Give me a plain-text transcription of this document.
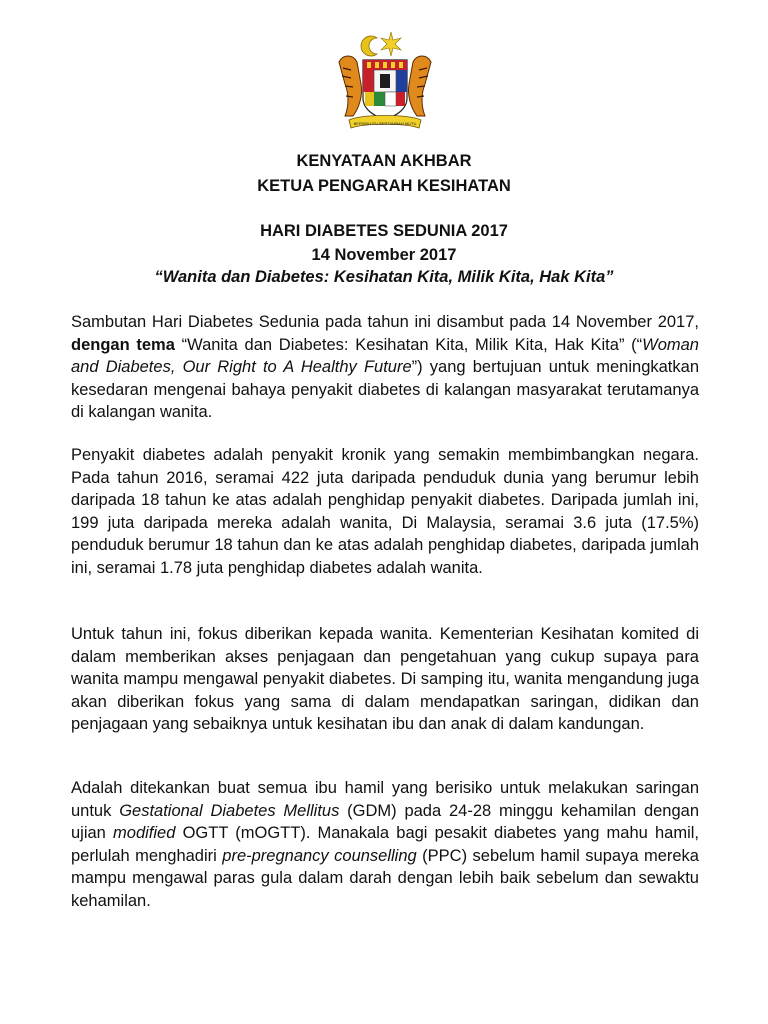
BERSEKUTU BERTAMBAH MUTU
KENYATAAN AKHBAR
KETUA PENGARAH KESIHATAN
HARI DIABETES SEDUNIA 2017
14 November 2017
“Wanita dan Diabetes: Kesihatan Kita, Milik Kita, Hak Kita”
Sambutan Hari Diabetes Sedunia pada tahun ini disambut pada 14 November 2017, dengan tema “Wanita dan Diabetes: Kesihatan Kita, Milik Kita, Hak Kita” (“Woman and Diabetes, Our Right to A Healthy Future”) yang bertujuan untuk meningkatkan kesedaran mengenai bahaya penyakit diabetes di kalangan masyarakat terutamanya di kalangan wanita.
Penyakit diabetes adalah penyakit kronik yang semakin membimbangkan negara. Pada tahun 2016, seramai 422 juta daripada penduduk dunia yang berumur lebih daripada 18 tahun ke atas adalah penghidap penyakit diabetes. Daripada jumlah ini, 199 juta daripada mereka adalah wanita, Di Malaysia, seramai 3.6 juta (17.5%) penduduk berumur 18 tahun dan ke atas adalah penghidap diabetes, daripada jumlah ini, seramai 1.78 juta penghidap diabetes adalah wanita.
Untuk tahun ini, fokus diberikan kepada wanita. Kementerian Kesihatan komited di dalam memberikan akses penjagaan dan pengetahuan yang cukup supaya para wanita mampu mengawal penyakit diabetes. Di samping itu, wanita mengandung juga akan diberikan fokus yang sama di dalam mendapatkan saringan, didikan dan penjagaan yang sebaiknya untuk kesihatan ibu dan anak di dalam kandungan.
Adalah ditekankan buat semua ibu hamil yang berisiko untuk melakukan saringan untuk Gestational Diabetes Mellitus (GDM) pada 24-28 minggu kehamilan dengan ujian modified OGTT (mOGTT). Manakala bagi pesakit diabetes yang mahu hamil, perlulah menghadiri pre-pregnancy counselling (PPC) sebelum hamil supaya mereka mampu mengawal paras gula dalam darah dengan lebih baik sebelum dan sewaktu kehamilan.
